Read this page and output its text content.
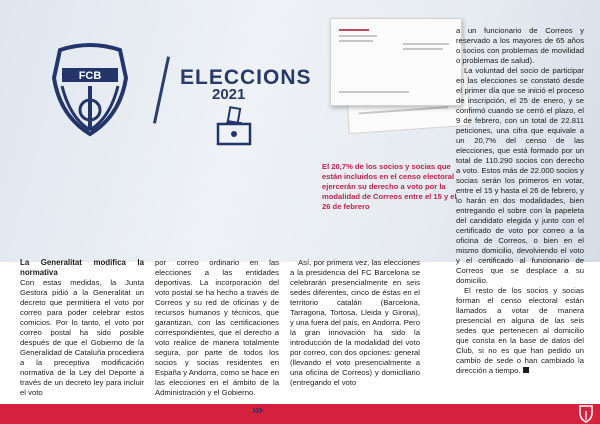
FCB	ELECCIONS
2021

El 20,7% de los socios y socias que están incluidos en el censo electoral ejercerán su derecho a voto por la modalidad de Correos entre el 15 y el 26 de febrero

a un funcionario de Correos y reservado a los mayores de 65 años o socios con problemas de movilidad o problemas de salud).

La voluntad del socio de participar en las elecciones se constató desde el primer día que se inició el proceso de inscripción, el 25 de enero, y se confirmó cuando se cerró el plazo, el 9 de febrero, con un total de 22.811 peticiones, una cifra que equivale a un 20,7% del censo de las elecciones, que está formado por un total de 110.290 socios con derecho a voto. Estos más de 22.000 socios y socias serán los primeros en votar, entre el 15 y hasta el 26 de febrero, y lo harán en dos modalidades, bien entregando el sobre con la papeleta del candidato elegida y junto con el certificado de voto por correo a la oficina de Correos, o bien en el mismo domicilio, devolviendo el voto y el certificado al funcionario de Correos que se desplace a su domicilio.

El resto de los socios y socias forman el censo electoral están llamados a votar de manera presencial en alguna de las seis sedes que pertenecen al domicilio que consta en la base de datos del Club, si no es que han pedido un cambio de sede o han cambiado la dirección a tiempo.

La Generalitat modifica la normativa

Con estas medidas, la Junta Gestora pidió a la Generalitat un decreto que permitiera el voto por correo para poder celebrar estos comicios. Por lo tanto, el voto por correo postal ha sido posible después de que el Gobierno de la Generalidad de Cataluña procediera a la preceptiva modificación normativa de la Ley del Deporte a través de un decreto ley para incluir el voto

por correo ordinario en las elecciones a las entidades deportivas. La incorporación del voto postal se ha hecho a través de Correos y su red de oficinas y de recursos humanos y técnicos, que garantizan, con las certificaciones correspondientes, que el derecho a voto realice de manera totalmente segura, por parte de todos los socios y socias residentes en España y Andorra, como se hace en las elecciones en el ámbito de la Administración y el Gobierno.

Así, por primera vez, las elecciones a la presidencia del FC Barcelona se celebrarán presencialmente en seis sedes diferentes, cinco de éstas en el territorio catalán (Barcelona, Tarragona, Tortosa, Lleida y Girona), y una fuera del país, en Andorra. Pero la gran innovación ha sido la introducción de la modalidad del voto por correo, con dos opciones: general (llevando el voto presencialmente a una oficina de Correos) y domiciliario (entregando el voto

›››
